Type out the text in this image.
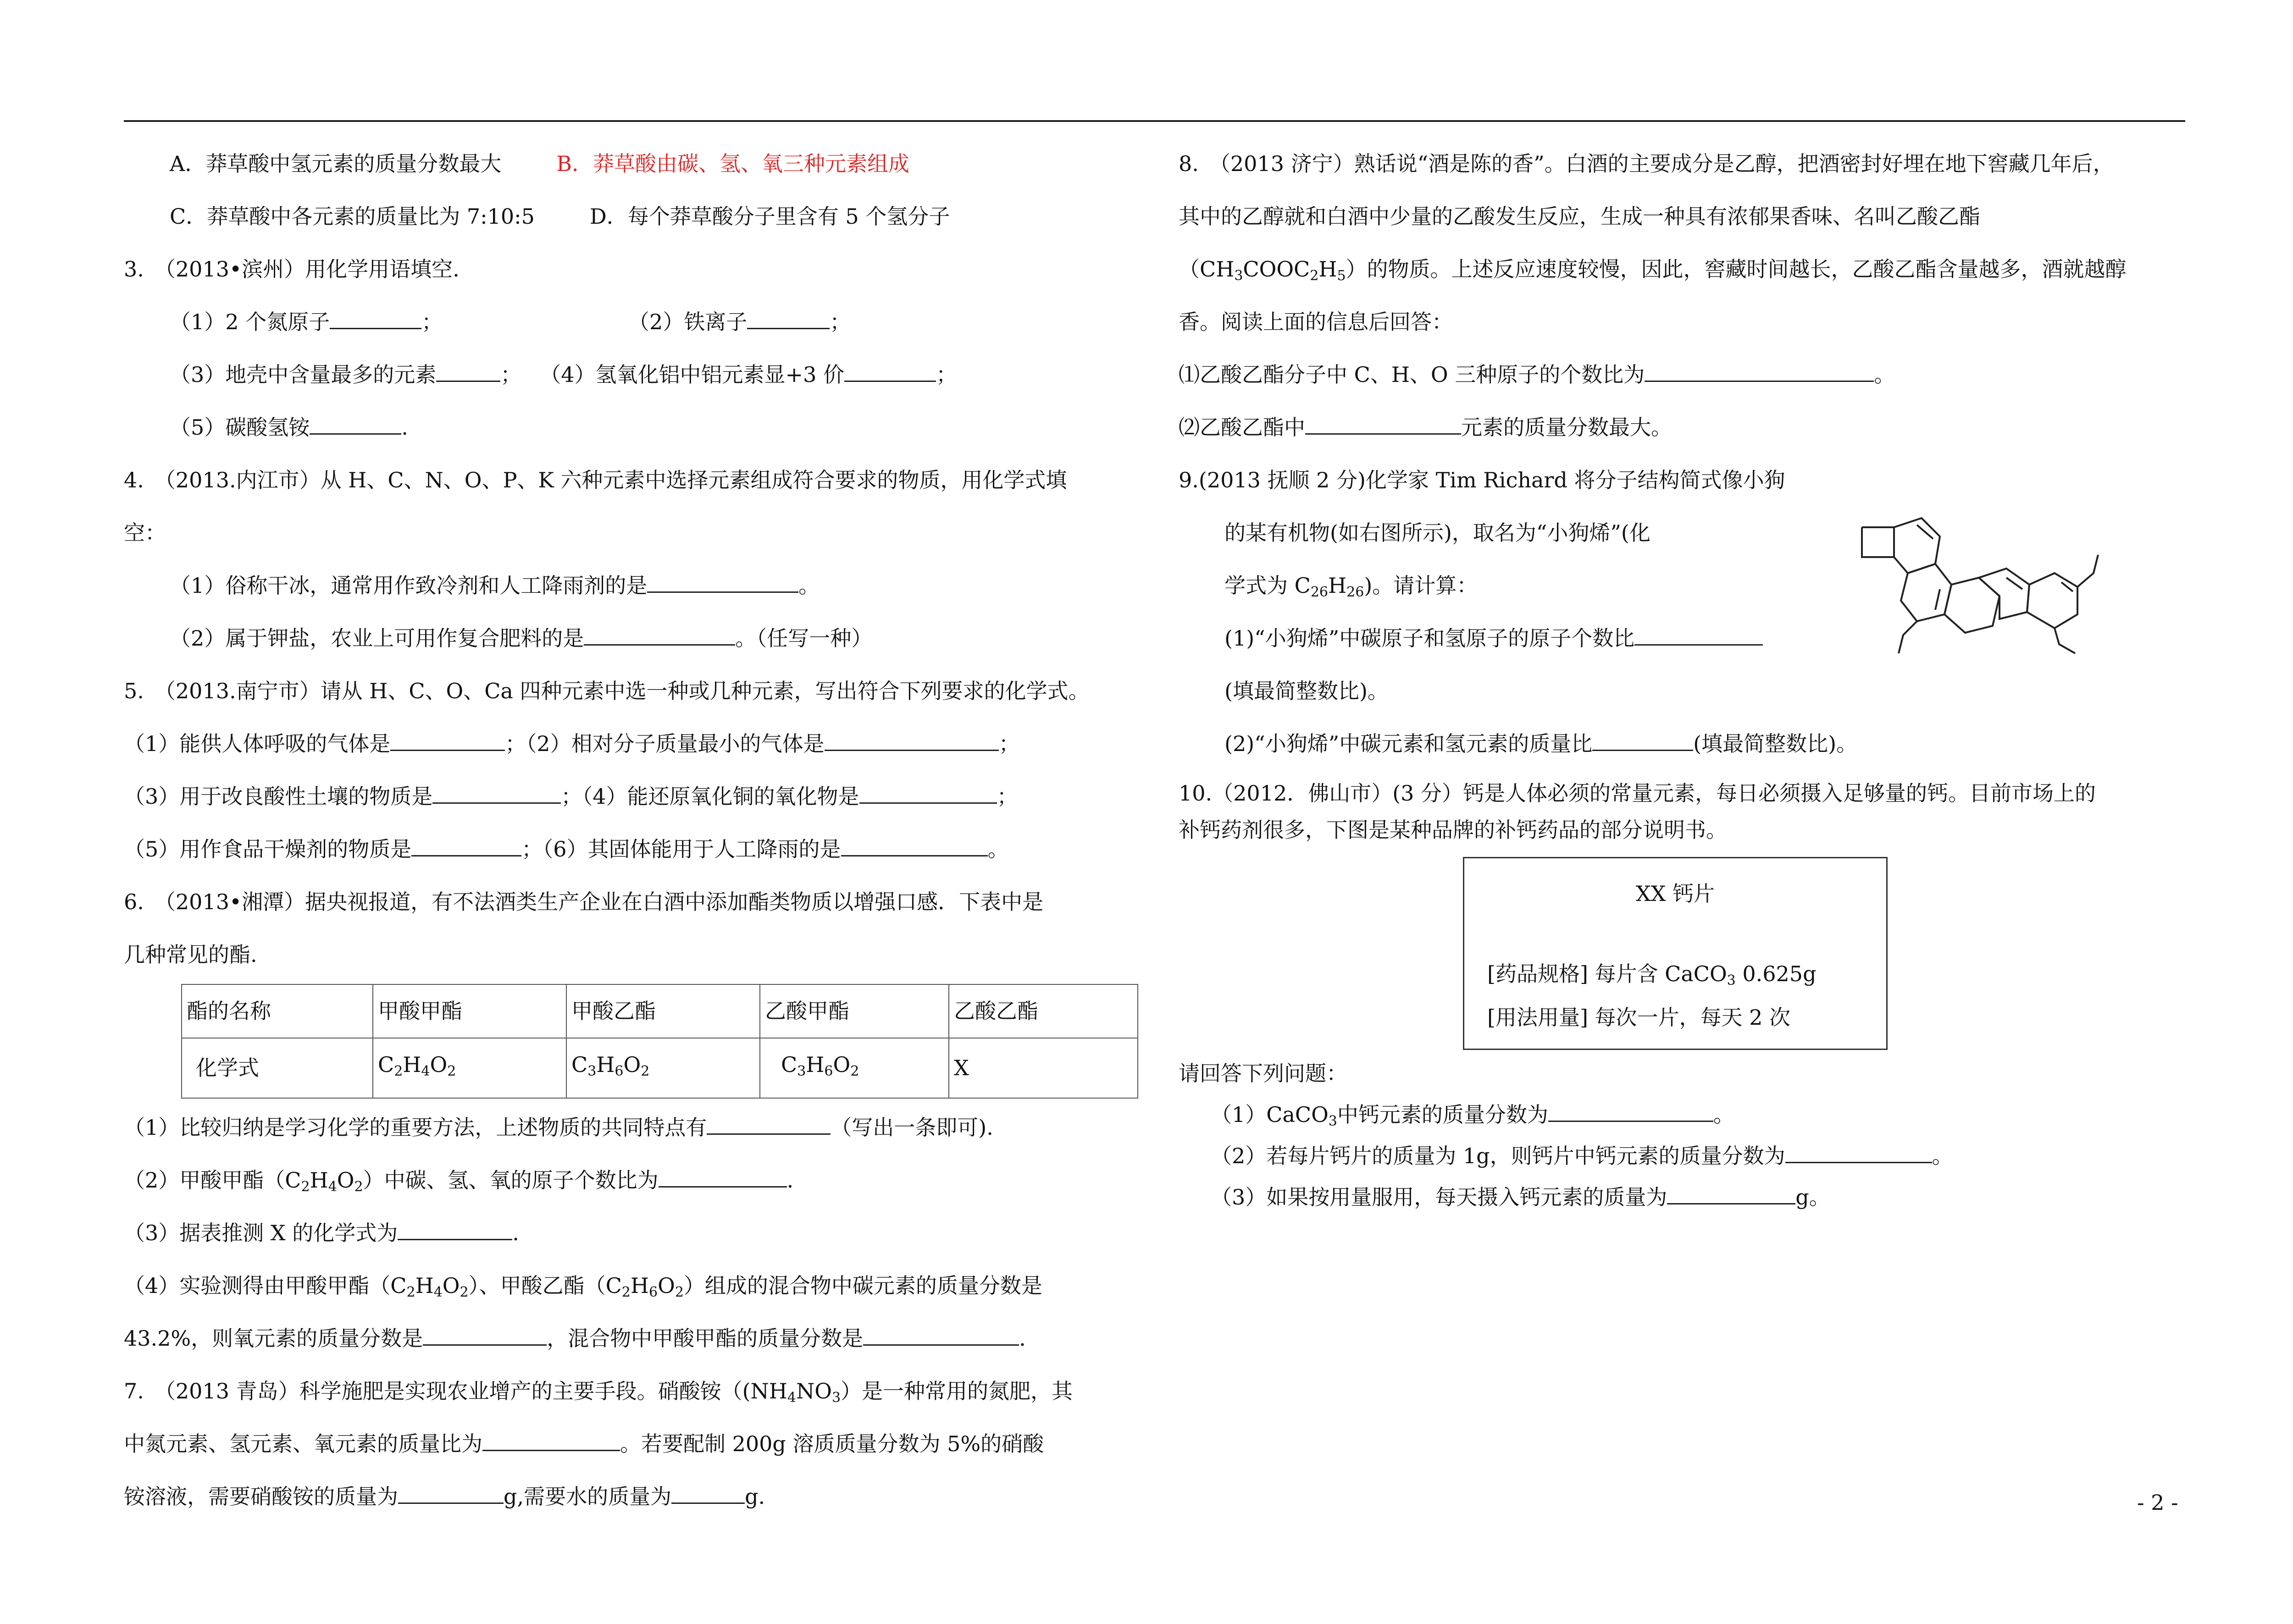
A．莽草酸中氢元素的质量分数最大	B．莽草酸由碳、氢、氧三种元素组成
C．莽草酸中各元素的质量比为 7:10:5	D．每个莽草酸分子里含有 5 个氢分子
3.　（2013•滨州）用化学用语填空.
（1）2 个氮原子	；	（2）铁离子	；
（3）地壳中含量最多的元素	； （4）氢氧化铝中铝元素显+3 价	；
（5）碳酸氢铵	.
4.　（2013.内江市）从 H、C、N、O、P、K 六种元素中选择元素组成符合要求的物质，用化学式填
空：
（1）俗称干冰，通常用作致冷剂和人工降雨剂的是	。
（2）属于钾盐，农业上可用作复合肥料的是	。（任写一种）
5.　（2013.南宁市）请从 H、C、O、Ca 四种元素中选一种或几种元素，写出符合下列要求的化学式。
（1）能供人体呼吸的气体是	；（2）相对分子质量最小的气体是	；
（3）用于改良酸性土壤的物质是	；（4）能还原氧化铜的氧化物是	；
（5）用作食品干燥剂的物质是	；（6）其固体能用于人工降雨的是	。
6.　（2013•湘潭）据央视报道，有不法酒类生产企业在白酒中添加酯类物质以增强口感．下表中是
几种常见的酯.
酯的名称	甲酸甲酯	甲酸乙酯	乙酸甲酯	乙酸乙酯
化学式	$C_2H_4O_2$	$C_3H_6O_2$	$C_3H_6O_2$	X
（1）比较归纳是学习化学的重要方法，上述物质的共同特点有	（写出一条即可).
（2）甲酸甲酯$(C_2H_4O_2)$中碳、氢、氧的原子个数比为	.
（3）据表推测 X 的化学式为	.
（4）实验测得由甲酸甲酯$(C_2H_4O_2)$、甲酸乙酯$(C_2H_6O_2)$组成的混合物中碳元素的质量分数是
43.2%，则氧元素的质量分数是	，混合物中甲酸甲酯的质量分数是	.
7.　（2013 青岛）科学施肥是实现农业增产的主要手段。硝酸铵（$(NH_4NO_3)$是一种常用的氮肥，其
中氮元素、氢元素、氧元素的质量比为	。若要配制 200g 溶质质量分数为 5%的硝酸
铵溶液，需要硝酸铵的质量为	g,需要水的质量为	g.
8.　（2013 济宁）熟话说“酒是陈的香”。白酒的主要成分是乙醇，把酒密封好埋在地下窖藏几年后，
其中的乙醇就和白酒中少量的乙酸发生反应，生成一种具有浓郁果香味、名叫乙酸乙酯
$(CH_3COOC_2H_5)$的物质。上述反应速度较慢，因此，窖藏时间越长，乙酸乙酯含量越多，酒就越醇
香。阅读上面的信息后回答：
⑴乙酸乙酯分子中 C、H、O 三种原子的个数比为	。
⑵乙酸乙酯中	元素的质量分数最大。
9.(2013 抚顺 2 分)化学家 Tim Richard 将分子结构简式像小狗
的某有机物(如右图所示)，取名为“小狗烯”(化
学式为 $C_{26}H_{26}$)。请计算：
(1)“小狗烯”中碳原子和氢原子的原子个数比
(填最简整数比)。
(2)“小狗烯”中碳元素和氢元素的质量比	(填最简整数比)。
10.（2012．佛山市）(3 分）钙是人体必须的常量元素，每日必须摄入足够量的钙。目前市场上的
补钙药剂很多，下图是某种品牌的补钙药品的部分说明书。
XX 钙片
[药品规格] 每片含 CaCO$_3$ 0.625g
[用法用量] 每次一片，每天 2 次
请回答下列问题：
（1）CaCO$_3$中钙元素的质量分数为	。
（2）若每片钙片的质量为 1g，则钙片中钙元素的质量分数为	。
（3）如果按用量服用，每天摄入钙元素的质量为	g。
- 2 -
